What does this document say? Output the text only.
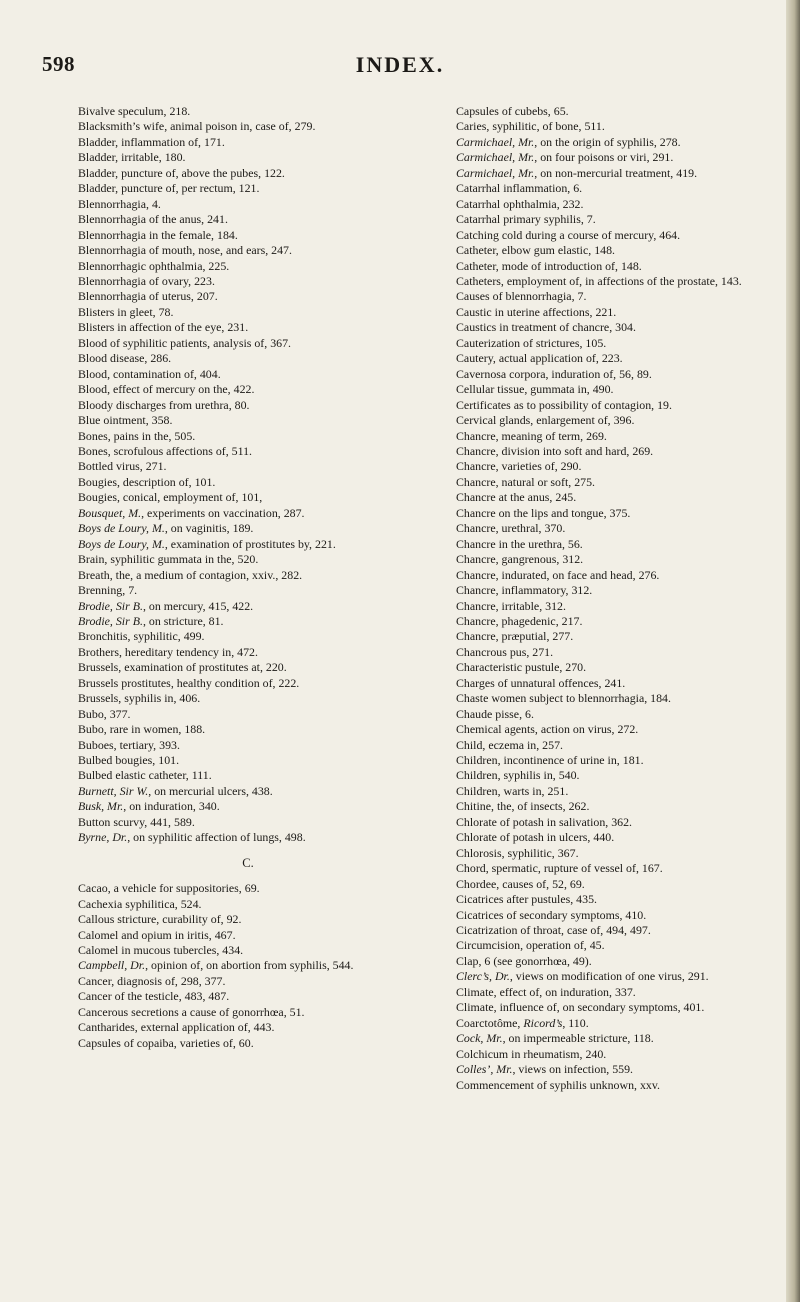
598	INDEX.
Bivalve speculum, 218.
Blacksmith’s wife, animal poison in, case of, 279.
Bladder, inflammation of, 171.
Bladder, irritable, 180.
Bladder, puncture of, above the pubes, 122.
Bladder, puncture of, per rectum, 121.
Blennorrhagia, 4.
Blennorrhagia of the anus, 241.
Blennorrhagia in the female, 184.
Blennorrhagia of mouth, nose, and ears, 247.
Blennorrhagic ophthalmia, 225.
Blennorrhagia of ovary, 223.
Blennorrhagia of uterus, 207.
Blisters in gleet, 78.
Blisters in affection of the eye, 231.
Blood of syphilitic patients, analysis of, 367.
Blood disease, 286.
Blood, contamination of, 404.
Blood, effect of mercury on the, 422.
Bloody discharges from urethra, 80.
Blue ointment, 358.
Bones, pains in the, 505.
Bones, scrofulous affections of, 511.
Bottled virus, 271.
Bougies, description of, 101.
Bougies, conical, employment of, 101,
Bousquet, M., experiments on vaccination, 287.
Boys de Loury, M., on vaginitis, 189.
Boys de Loury, M., examination of prostitutes by, 221.
Brain, syphilitic gummata in the, 520.
Breath, the, a medium of contagion, xxiv., 282.
Brenning, 7.
Brodie, Sir B., on mercury, 415, 422.
Brodie, Sir B., on stricture, 81.
Bronchitis, syphilitic, 499.
Brothers, hereditary tendency in, 472.
Brussels, examination of prostitutes at, 220.
Brussels prostitutes, healthy condition of, 222.
Brussels, syphilis in, 406.
Bubo, 377.
Bubo, rare in women, 188.
Buboes, tertiary, 393.
Bulbed bougies, 101.
Bulbed elastic catheter, 111.
Burnett, Sir W., on mercurial ulcers, 438.
Busk, Mr., on induration, 340.
Button scurvy, 441, 589.
Byrne, Dr., on syphilitic affection of lungs, 498.
C.
Cacao, a vehicle for suppositories, 69.
Cachexia syphilitica, 524.
Callous stricture, curability of, 92.
Calomel and opium in iritis, 467.
Calomel in mucous tubercles, 434.
Campbell, Dr., opinion of, on abortion from syphilis, 544.
Cancer, diagnosis of, 298, 377.
Cancer of the testicle, 483, 487.
Cancerous secretions a cause of gonorrhœa, 51.
Cantharides, external application of, 443.
Capsules of copaiba, varieties of, 60.
Capsules of cubebs, 65.
Caries, syphilitic, of bone, 511.
Carmichael, Mr., on the origin of syphilis, 278.
Carmichael, Mr., on four poisons or viri, 291.
Carmichael, Mr., on non-mercurial treatment, 419.
Catarrhal inflammation, 6.
Catarrhal ophthalmia, 232.
Catarrhal primary syphilis, 7.
Catching cold during a course of mercury, 464.
Catheter, elbow gum elastic, 148.
Catheter, mode of introduction of, 148.
Catheters, employment of, in affections of the prostate, 143.
Causes of blennorrhagia, 7.
Caustic in uterine affections, 221.
Caustics in treatment of chancre, 304.
Cauterization of strictures, 105.
Cautery, actual application of, 223.
Cavernosa corpora, induration of, 56, 89.
Cellular tissue, gummata in, 490.
Certificates as to possibility of contagion, 19.
Cervical glands, enlargement of, 396.
Chancre, meaning of term, 269.
Chancre, division into soft and hard, 269.
Chancre, varieties of, 290.
Chancre, natural or soft, 275.
Chancre at the anus, 245.
Chancre on the lips and tongue, 375.
Chancre, urethral, 370.
Chancre in the urethra, 56.
Chancre, gangrenous, 312.
Chancre, indurated, on face and head, 276.
Chancre, inflammatory, 312.
Chancre, irritable, 312.
Chancre, phagedenic, 217.
Chancre, præputial, 277.
Chancrous pus, 271.
Characteristic pustule, 270.
Charges of unnatural offences, 241.
Chaste women subject to blennorrhagia, 184.
Chaude pisse, 6.
Chemical agents, action on virus, 272.
Child, eczema in, 257.
Children, incontinence of urine in, 181.
Children, syphilis in, 540.
Children, warts in, 251.
Chitine, the, of insects, 262.
Chlorate of potash in salivation, 362.
Chlorate of potash in ulcers, 440.
Chlorosis, syphilitic, 367.
Chord, spermatic, rupture of vessel of, 167.
Chordee, causes of, 52, 69.
Cicatrices after pustules, 435.
Cicatrices of secondary symptoms, 410.
Cicatrization of throat, case of, 494, 497.
Circumcision, operation of, 45.
Clap, 6 (see gonorrhœa, 49).
Clerc’s, Dr., views on modification of one virus, 291.
Climate, effect of, on induration, 337.
Climate, influence of, on secondary symptoms, 401.
Coarctotôme, Ricord’s, 110.
Cock, Mr., on impermeable stricture, 118.
Colchicum in rheumatism, 240.
Colles’, Mr., views on infection, 559.
Commencement of syphilis unknown, xxv.
